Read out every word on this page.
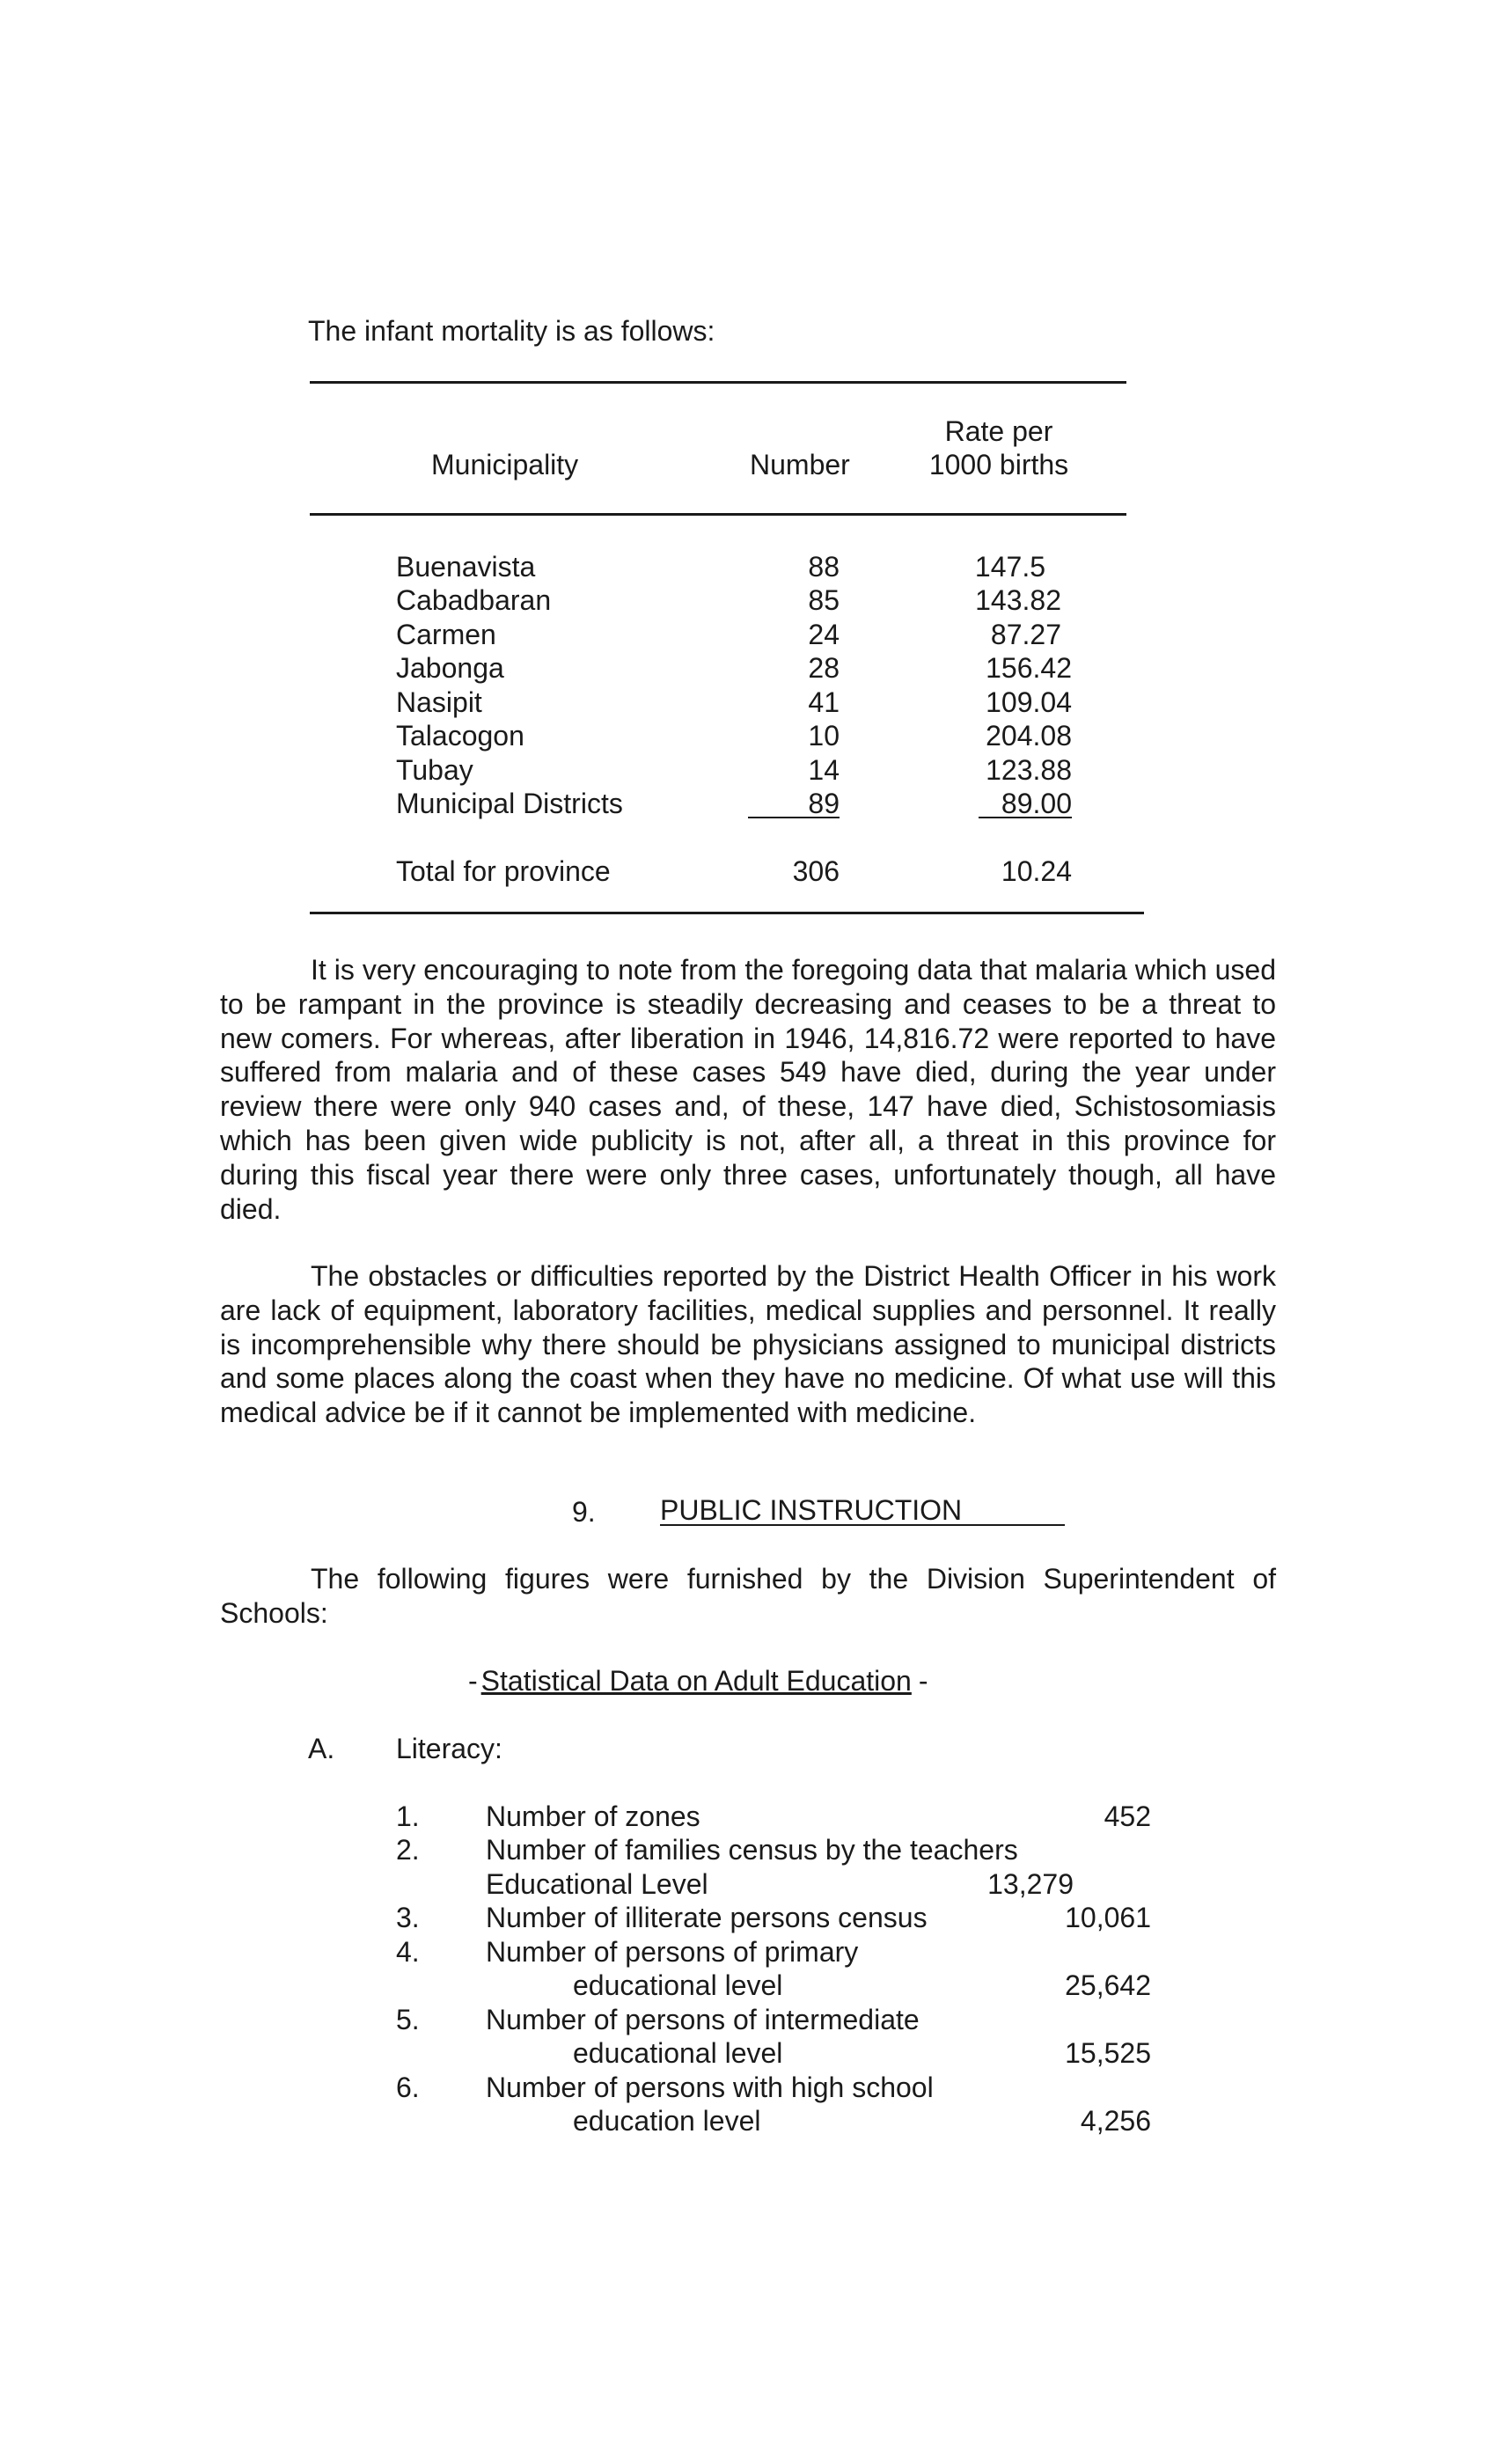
The infant mortality is as follows:
Rate per
Municipality	Number	1000 births
Buenavista	88	147.5
Cabadbaran	85	143.82
Carmen	24	87.27
Jabonga	28	156.42
Nasipit	41	109.04
Talacogon	10	204.08
Tubay	14	123.88
Municipal Districts	89	89.00
Total for province	306	10.24

It is very encouraging to note from the foregoing data that malaria which used to be rampant in the province is steadily decreasing and ceases to be a threat to new comers. For whereas, after liberation in 1946, 14,816.72 were reported to have suffered from malaria and of these cases 549 have died, during the year under review there were only 940 cases and, of these, 147 have died, Schistosomiasis which has been given wide publicity is not, after all, a threat in this province for during this fiscal year there were only three cases, unfortunately though, all have died.

The obstacles or difficulties reported by the District Health Officer in his work are lack of equipment, laboratory facilities, medical supplies and personnel. It really is incomprehensible why there should be physicians assigned to municipal districts and some places along the coast when they have no medicine. Of what use will this medical advice be if it cannot be implemented with medicine.

9. PUBLIC INSTRUCTION

The following figures were furnished by the Division Superintendent of Schools:

- Statistical Data on Adult Education -
A. Literacy:
1. Number of zones	452
2. Number of families census by the teachers
Educational Level	13,279
3. Number of illiterate persons census	10,061
4. Number of persons of primary
educational level	25,642
5. Number of persons of intermediate
educational level	15,525
6. Number of persons with high school
education level	4,256
